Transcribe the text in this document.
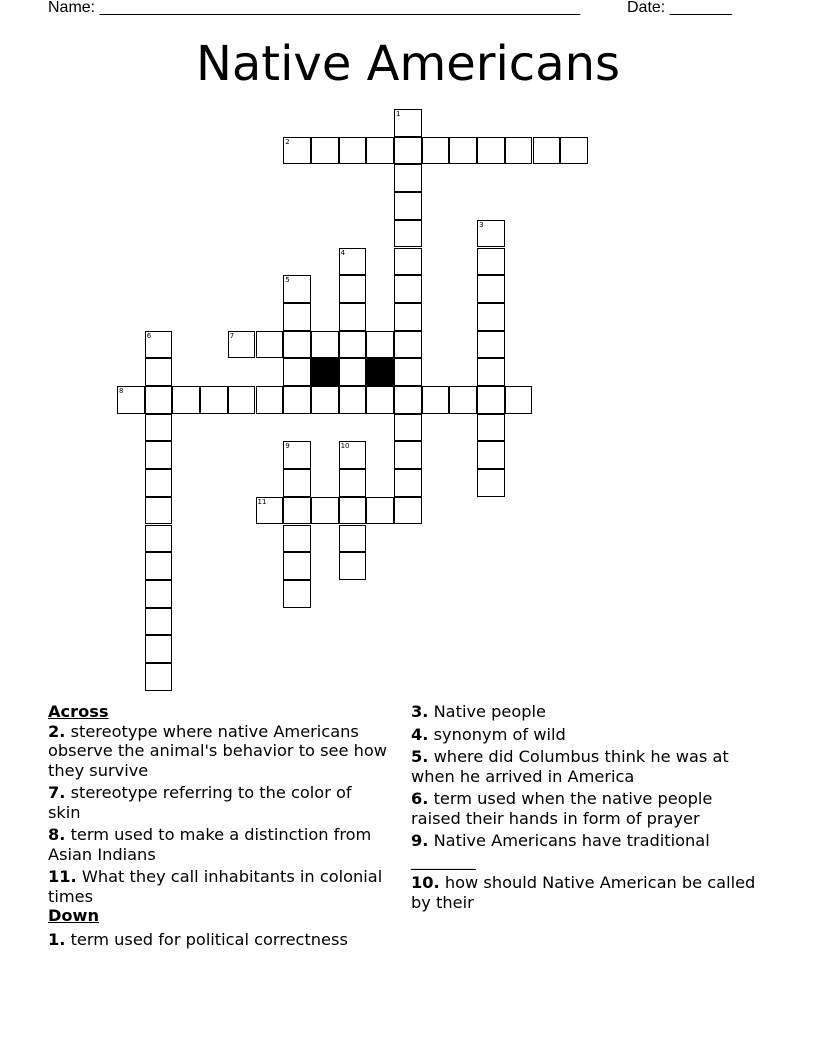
Name: ______________________________________________________	Date: _______
Native Americans
1
2
3
4
5
6	7
8
9	10
11
Across
2. stereotype where native Americans observe the animal's behavior to see how they survive
7. stereotype referring to the color of skin
8. term used to make a distinction from Asian Indians
11. What they call inhabitants in colonial times
Down
1. term used for political correctness
3. Native people
4. synonym of wild
5. where did Columbus think he was at when he arrived in America
6. term used when the native people raised their hands in form of prayer
9. Native Americans have traditional ________
10. how should Native American be called by their
